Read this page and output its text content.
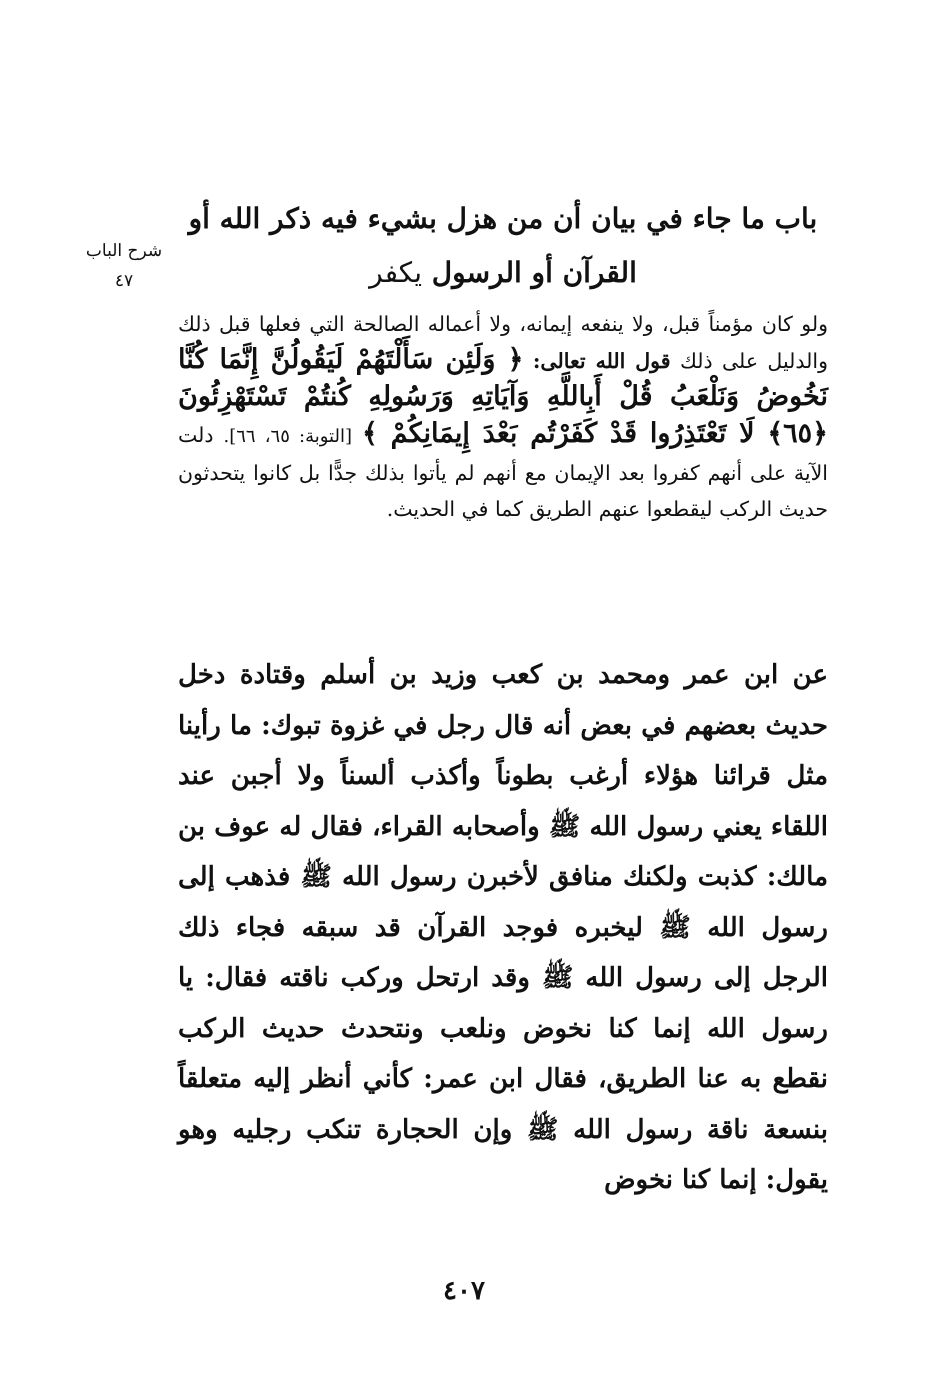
شرح الباب
٤٧
باب ما جاء في بيان أن من هزل بشيء فيه ذكر الله أو القرآن أو الرسول يكفر
ولو كان مؤمناً قبل، ولا ينفعه إيمانه، ولا أعماله الصالحة التي فعلها قبل ذلك والدليل على ذلك قول الله تعالى: ﴿ وَلَئِن سَأَلْتَهُمْ لَيَقُولُنَّ إِنَّمَا كُنَّا نَخُوضُ وَنَلْعَبُ قُلْ أَبِاللَّهِ وَآيَاتِهِ وَرَسُولِهِ كُنتُمْ تَسْتَهْزِئُونَ ﴿٦٥﴾ لَا تَعْتَذِرُوا قَدْ كَفَرْتُم بَعْدَ إِيمَانِكُمْ ﴾ [التوبة: ٦٥، ٦٦]. دلت الآية على أنهم كفروا بعد الإيمان مع أنهم لم يأتوا بذلك جدًّا بل كانوا يتحدثون حديث الركب ليقطعوا عنهم الطريق كما في الحديث.
عن ابن عمر ومحمد بن كعب وزيد بن أسلم وقتادة دخل حديث بعضهم في بعض أنه قال رجل في غزوة تبوك: ما رأينا مثل قرائنا هؤلاء أرغب بطوناً وأكذب ألسناً ولا أجبن عند اللقاء يعني رسول الله ﷺ وأصحابه القراء، فقال له عوف بن مالك: كذبت ولكنك منافق لأخبرن رسول الله ﷺ فذهب إلى رسول الله ﷺ ليخبره فوجد القرآن قد سبقه فجاء ذلك الرجل إلى رسول الله ﷺ وقد ارتحل وركب ناقته فقال: يا رسول الله إنما كنا نخوض ونلعب ونتحدث حديث الركب نقطع به عنا الطريق، فقال ابن عمر: كأني أنظر إليه متعلقاً بنسعة ناقة رسول الله ﷺ وإن الحجارة تنكب رجليه وهو يقول: إنما كنا نخوض
٤٠٧
